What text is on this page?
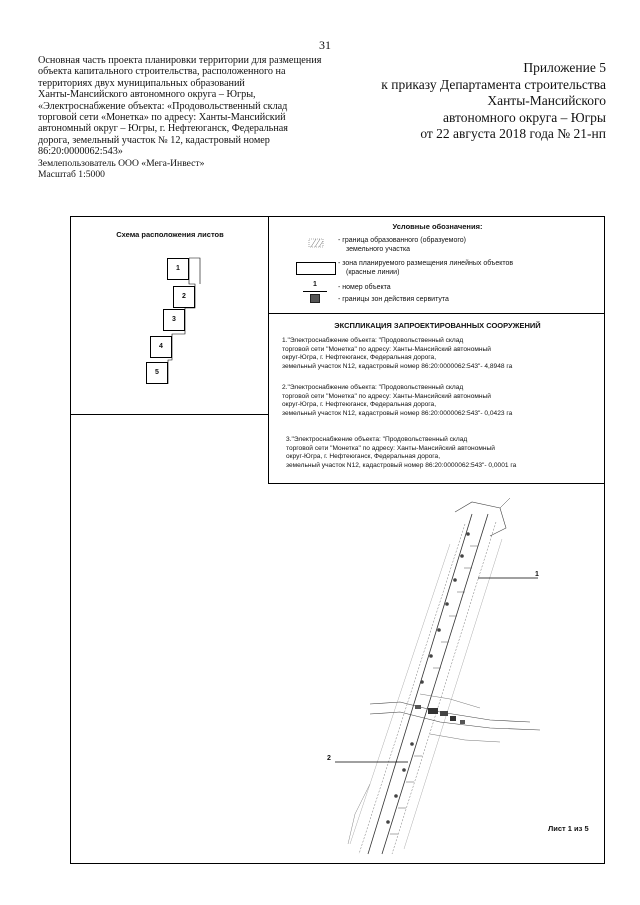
31
Основная часть проекта планировки территории для размещения
объекта капитального строительства, расположенного на
территориях двух муниципальных образований
Ханты-Мансийского автономного округа – Югры,
«Электроснабжение объекта: «Продовольственный склад
торговой сети «Монетка» по адресу: Ханты-Мансийский
автономный округ – Югры, г. Нефтеюганск, Федеральная
дорога, земельный участок № 12, кадастровый номер
86:20:0000062:543»
Землепользователь ООО «Мега-Инвест»
Масштаб 1:5000
Приложение 5
к приказу Департамента строительства
Ханты-Мансийского
автономного округа – Югры
от 22 августа 2018 года № 21-нп
Схема расположения листов
1
2
3
4
5
Условные обозначения:
- граница образованного (образуемого)
земельного участка
- зона планируемого размещения линейных объектов
(красные линии)
1	- номер объекта
- границы зон действия сервитута
ЭКСПЛИКАЦИЯ ЗАПРОЕКТИРОВАННЫХ СООРУЖЕНИЙ
1."Электроснабжение объекта: "Продовольственный склад
торговой сети "Монетка" по адресу: Ханты-Мансийский автономный
округ-Югра, г. Нефтеюганск, Федеральная дорога,
земельный участок N12, кадастровый номер 86:20:0000062:543"- 4,8948 га
2."Электроснабжение объекта: "Продовольственный склад
торговой сети "Монетка" по адресу: Ханты-Мансийский автономный
округ-Югра, г. Нефтеюганск, Федеральная дорога,
земельный участок N12, кадастровый номер 86:20:0000062:543"- 0,0423 га
3."Электроснабжение объекта: "Продовольственный склад
торговой сети "Монетка" по адресу: Ханты-Мансийский автономный
округ-Югра, г. Нефтеюганск, Федеральная дорога,
земельный участок N12, кадастровый номер 86:20:0000062:543"- 0,0001 га
1
2
Лист 1 из 5
